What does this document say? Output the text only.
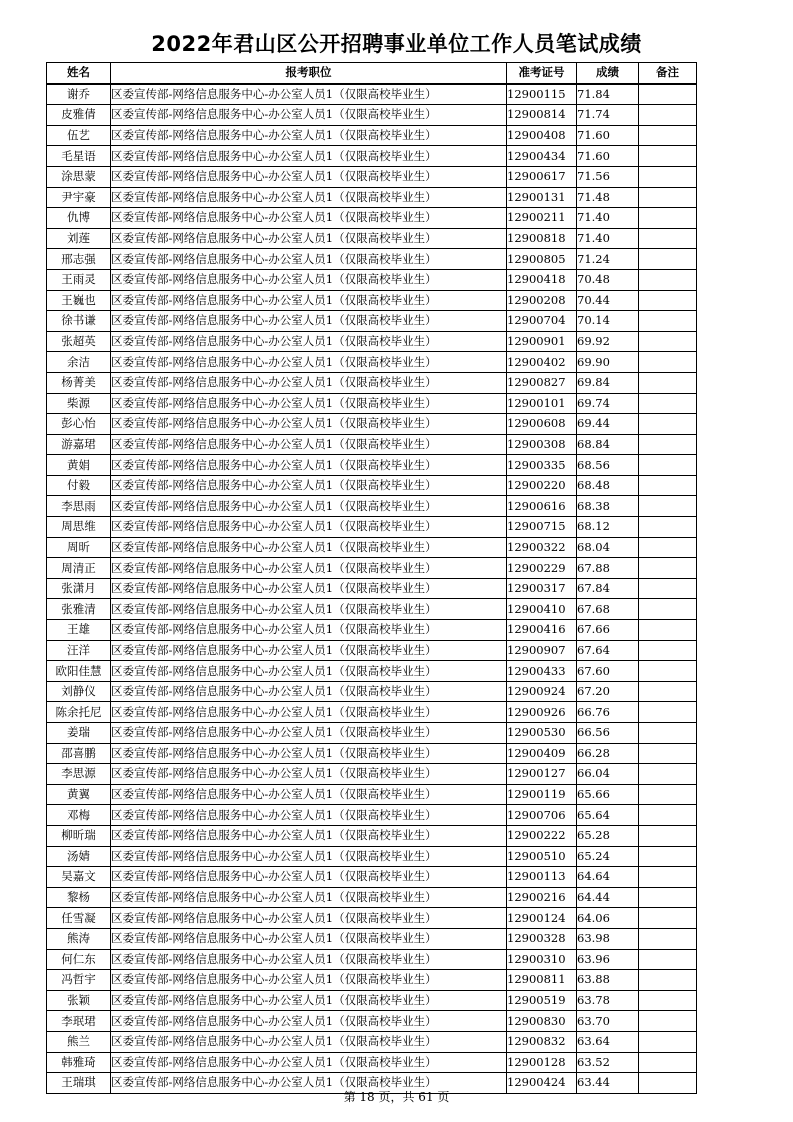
2022年君山区公开招聘事业单位工作人员笔试成绩
姓名	报考职位	准考证号	成绩	备注
谢乔	区委宣传部-网络信息服务中心-办公室人员1（仅限高校毕业生）	12900115	71.84	
皮雅倩	区委宣传部-网络信息服务中心-办公室人员1（仅限高校毕业生）	12900814	71.74	
伍艺	区委宣传部-网络信息服务中心-办公室人员1（仅限高校毕业生）	12900408	71.60	
毛星语	区委宣传部-网络信息服务中心-办公室人员1（仅限高校毕业生）	12900434	71.60	
涂思蒙	区委宣传部-网络信息服务中心-办公室人员1（仅限高校毕业生）	12900617	71.56	
尹宇豪	区委宣传部-网络信息服务中心-办公室人员1（仅限高校毕业生）	12900131	71.48	
仇博	区委宣传部-网络信息服务中心-办公室人员1（仅限高校毕业生）	12900211	71.40	
刘莲	区委宣传部-网络信息服务中心-办公室人员1（仅限高校毕业生）	12900818	71.40	
邢志强	区委宣传部-网络信息服务中心-办公室人员1（仅限高校毕业生）	12900805	71.24	
王雨灵	区委宣传部-网络信息服务中心-办公室人员1（仅限高校毕业生）	12900418	70.48	
王巍也	区委宣传部-网络信息服务中心-办公室人员1（仅限高校毕业生）	12900208	70.44	
徐书谦	区委宣传部-网络信息服务中心-办公室人员1（仅限高校毕业生）	12900704	70.14	
张超英	区委宣传部-网络信息服务中心-办公室人员1（仅限高校毕业生）	12900901	69.92	
余洁	区委宣传部-网络信息服务中心-办公室人员1（仅限高校毕业生）	12900402	69.90	
杨菁美	区委宣传部-网络信息服务中心-办公室人员1（仅限高校毕业生）	12900827	69.84	
柴源	区委宣传部-网络信息服务中心-办公室人员1（仅限高校毕业生）	12900101	69.74	
彭心怡	区委宣传部-网络信息服务中心-办公室人员1（仅限高校毕业生）	12900608	69.44	
游嘉珺	区委宣传部-网络信息服务中心-办公室人员1（仅限高校毕业生）	12900308	68.84	
黄娟	区委宣传部-网络信息服务中心-办公室人员1（仅限高校毕业生）	12900335	68.56	
付毅	区委宣传部-网络信息服务中心-办公室人员1（仅限高校毕业生）	12900220	68.48	
李思雨	区委宣传部-网络信息服务中心-办公室人员1（仅限高校毕业生）	12900616	68.38	
周思维	区委宣传部-网络信息服务中心-办公室人员1（仅限高校毕业生）	12900715	68.12	
周昕	区委宣传部-网络信息服务中心-办公室人员1（仅限高校毕业生）	12900322	68.04	
周清正	区委宣传部-网络信息服务中心-办公室人员1（仅限高校毕业生）	12900229	67.88	
张潇月	区委宣传部-网络信息服务中心-办公室人员1（仅限高校毕业生）	12900317	67.84	
张雅清	区委宣传部-网络信息服务中心-办公室人员1（仅限高校毕业生）	12900410	67.68	
王雄	区委宣传部-网络信息服务中心-办公室人员1（仅限高校毕业生）	12900416	67.66	
汪洋	区委宣传部-网络信息服务中心-办公室人员1（仅限高校毕业生）	12900907	67.64	
欧阳佳慧	区委宣传部-网络信息服务中心-办公室人员1（仅限高校毕业生）	12900433	67.60	
刘静仪	区委宣传部-网络信息服务中心-办公室人员1（仅限高校毕业生）	12900924	67.20	
陈余托尼	区委宣传部-网络信息服务中心-办公室人员1（仅限高校毕业生）	12900926	66.76	
姜瑞	区委宣传部-网络信息服务中心-办公室人员1（仅限高校毕业生）	12900530	66.56	
邵喜鹏	区委宣传部-网络信息服务中心-办公室人员1（仅限高校毕业生）	12900409	66.28	
李思源	区委宣传部-网络信息服务中心-办公室人员1（仅限高校毕业生）	12900127	66.04	
黄翼	区委宣传部-网络信息服务中心-办公室人员1（仅限高校毕业生）	12900119	65.66	
邓梅	区委宣传部-网络信息服务中心-办公室人员1（仅限高校毕业生）	12900706	65.64	
柳昕瑞	区委宣传部-网络信息服务中心-办公室人员1（仅限高校毕业生）	12900222	65.28	
汤婧	区委宣传部-网络信息服务中心-办公室人员1（仅限高校毕业生）	12900510	65.24	
吴嘉文	区委宣传部-网络信息服务中心-办公室人员1（仅限高校毕业生）	12900113	64.64	
黎杨	区委宣传部-网络信息服务中心-办公室人员1（仅限高校毕业生）	12900216	64.44	
任雪凝	区委宣传部-网络信息服务中心-办公室人员1（仅限高校毕业生）	12900124	64.06	
熊涛	区委宣传部-网络信息服务中心-办公室人员1（仅限高校毕业生）	12900328	63.98	
何仁东	区委宣传部-网络信息服务中心-办公室人员1（仅限高校毕业生）	12900310	63.96	
冯哲宇	区委宣传部-网络信息服务中心-办公室人员1（仅限高校毕业生）	12900811	63.88	
张颖	区委宣传部-网络信息服务中心-办公室人员1（仅限高校毕业生）	12900519	63.78	
李珉珺	区委宣传部-网络信息服务中心-办公室人员1（仅限高校毕业生）	12900830	63.70	
熊兰	区委宣传部-网络信息服务中心-办公室人员1（仅限高校毕业生）	12900832	63.64	
韩雅琦	区委宣传部-网络信息服务中心-办公室人员1（仅限高校毕业生）	12900128	63.52	
王瑞琪	区委宣传部-网络信息服务中心-办公室人员1（仅限高校毕业生）	12900424	63.44	
第 18 页，共 61 页
